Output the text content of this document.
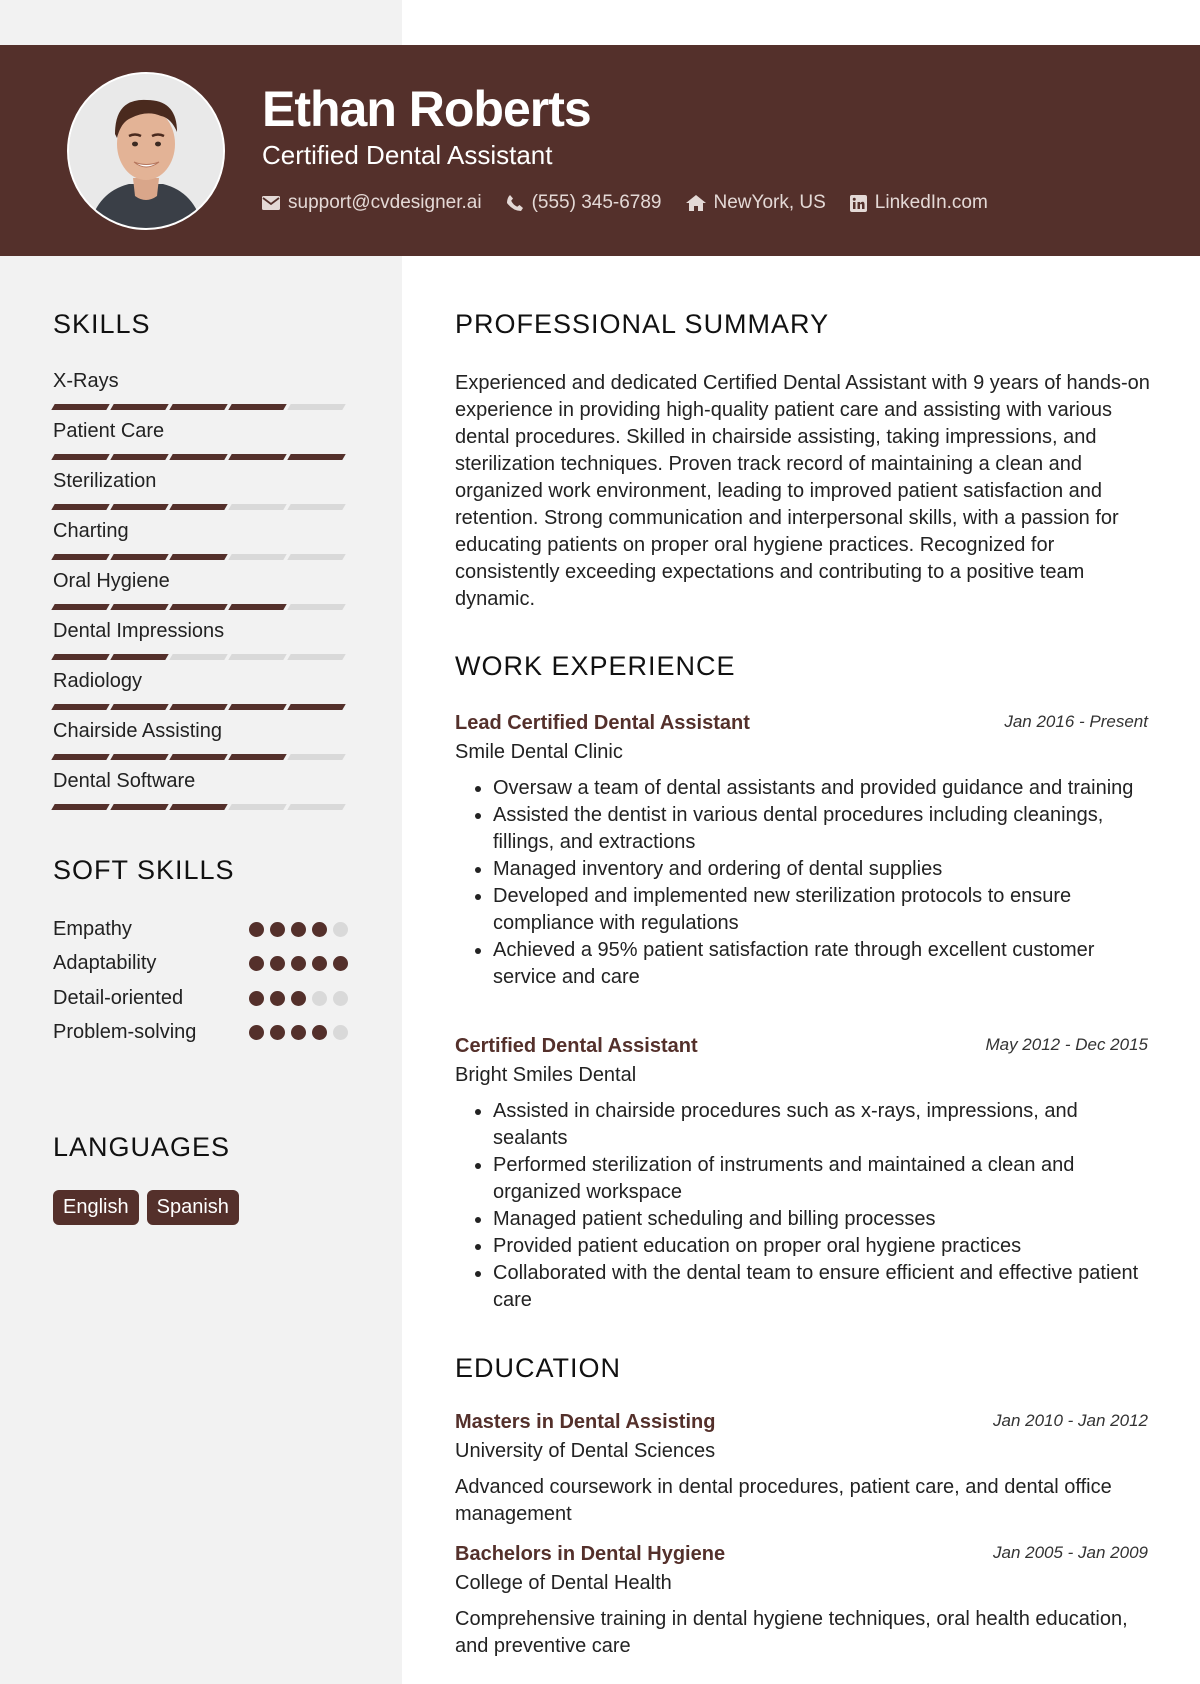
Ethan Roberts
Certified Dental Assistant
support@cvdesigner.ai	(555) 345-6789	NewYork, US	LinkedIn.com
SKILLS
X-Rays
Patient Care
Sterilization
Charting
Oral Hygiene
Dental Impressions
Radiology
Chairside Assisting
Dental Software
SOFT SKILLS
Empathy
Adaptability
Detail-oriented
Problem-solving
LANGUAGES
English	Spanish
PROFESSIONAL SUMMARY

Experienced and dedicated Certified Dental Assistant with 9 years of hands-on experience in providing high-quality patient care and assisting with various dental procedures. Skilled in chairside assisting, taking impressions, and sterilization techniques. Proven track record of maintaining a clean and organized work environment, leading to improved patient satisfaction and retention. Strong communication and interpersonal skills, with a passion for educating patients on proper oral hygiene practices. Recognized for consistently exceeding expectations and contributing to a positive team dynamic.

WORK EXPERIENCE
Lead Certified Dental Assistant	Jan 2016 - Present
Smile Dental Clinic
• Oversaw a team of dental assistants and provided guidance and training
• Assisted the dentist in various dental procedures including cleanings, fillings, and extractions
• Managed inventory and ordering of dental supplies
• Developed and implemented new sterilization protocols to ensure compliance with regulations
• Achieved a 95% patient satisfaction rate through excellent customer service and care
Certified Dental Assistant	May 2012 - Dec 2015
Bright Smiles Dental
• Assisted in chairside procedures such as x-rays, impressions, and sealants
• Performed sterilization of instruments and maintained a clean and organized workspace
• Managed patient scheduling and billing processes
• Provided patient education on proper oral hygiene practices
• Collaborated with the dental team to ensure efficient and effective patient care
EDUCATION
Masters in Dental Assisting	Jan 2010 - Jan 2012
University of Dental Sciences

Advanced coursework in dental procedures, patient care, and dental office management

Bachelors in Dental Hygiene	Jan 2005 - Jan 2009
College of Dental Health

Comprehensive training in dental hygiene techniques, oral health education, and preventive care
